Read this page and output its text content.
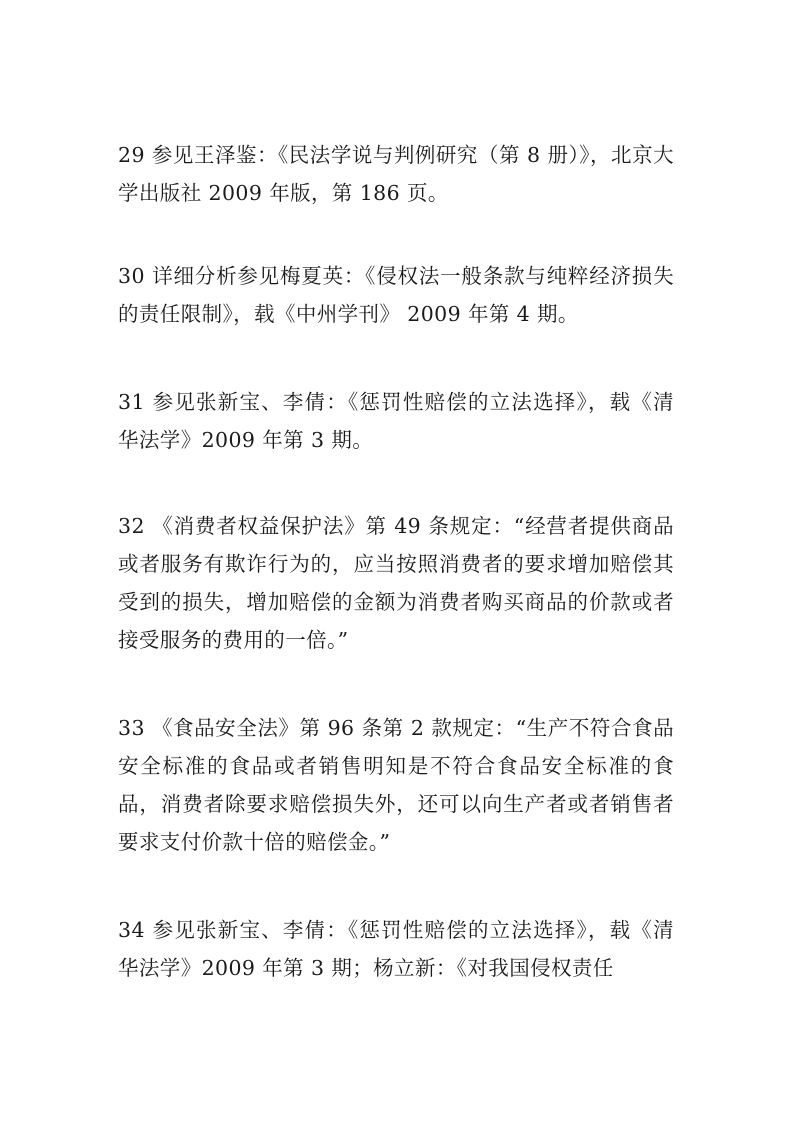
29 参见王泽鉴：《民法学说与判例研究（第 8 册）》，北京大学出版社 2009 年版，第 186 页。

30 详细分析参见梅夏英：《侵权法一般条款与纯粹经济损失的责任限制》，载《中州学刊》 2009 年第 4 期。

31 参见张新宝、李倩：《惩罚性赔偿的立法选择》，载《清华法学》2009 年第 3 期。

32 《消费者权益保护法》第 49 条规定：“经营者提供商品或者服务有欺诈行为的，应当按照消费者的要求增加赔偿其受到的损失，增加赔偿的金额为消费者购买商品的价款或者接受服务的费用的一倍。”

33 《食品安全法》第 96 条第 2 款规定：“生产不符合食品安全标准的食品或者销售明知是不符合食品安全标准的食品，消费者除要求赔偿损失外，还可以向生产者或者销售者要求支付价款十倍的赔偿金。”

34 参见张新宝、李倩：《惩罚性赔偿的立法选择》，载《清华法学》2009 年第 3 期；杨立新：《对我国侵权责任
